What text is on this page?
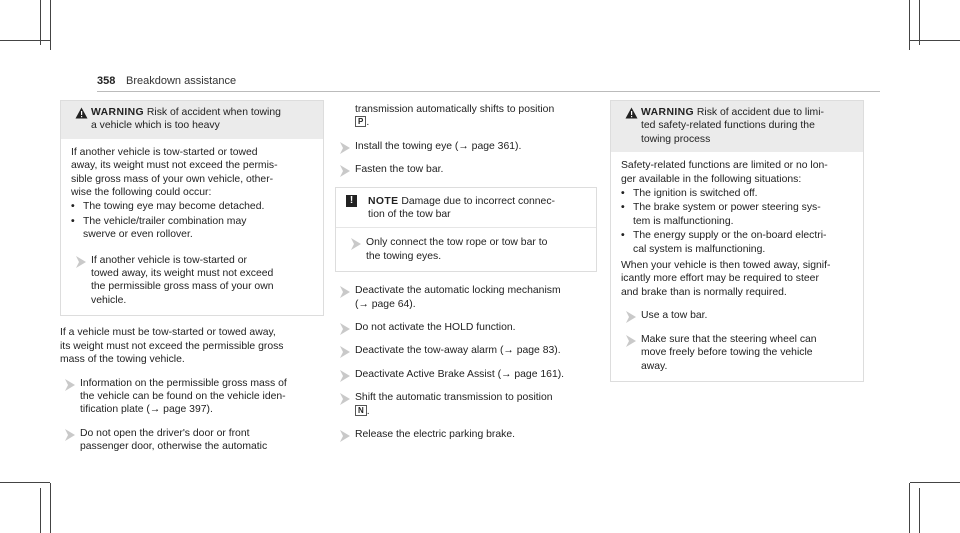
358 Breakdown assistance
WARNING Risk of accident when towing
a vehicle which is too heavy

If another vehicle is tow-started or towed
away, its weight must not exceed the permis-
sible gross mass of your own vehicle, other-
wise the following could occur:

• The towing eye may become detached.
• The vehicle/trailer combination may
swerve or even rollover.
If another vehicle is tow-started or
towed away, its weight must not exceed
the permissible gross mass of your own
vehicle.

If a vehicle must be tow-started or towed away,
its weight must not exceed the permissible gross
mass of the towing vehicle.

Information on the permissible gross mass of
the vehicle can be found on the vehicle iden-
tification plate (→ page 397).
Do not open the driver's door or front
passenger door, otherwise the automatic
transmission automatically shifts to position
P .
Install the towing eye (→ page 361).
Fasten the tow bar.
!	NOTE Damage due to incorrect connec-
tion of the tow bar
Only connect the tow rope or tow bar to
the towing eyes.
Deactivate the automatic locking mechanism
(→ page 64).
Do not activate the HOLD function.
Deactivate the tow-away alarm (→ page 83).
Deactivate Active Brake Assist (→ page 161).
Shift the automatic transmission to position
N .
Release the electric parking brake.
WARNING Risk of accident due to limi-
ted safety-related functions during the
towing process

Safety-related functions are limited or no lon-
ger available in the following situations:

• The ignition is switched off.
• The brake system or power steering sys-
tem is malfunctioning.
• The energy supply or the on-board electri-
cal system is malfunctioning.

When your vehicle is then towed away, signif-
icantly more effort may be required to steer
and brake than is normally required.

Use a tow bar.
Make sure that the steering wheel can
move freely before towing the vehicle
away.
